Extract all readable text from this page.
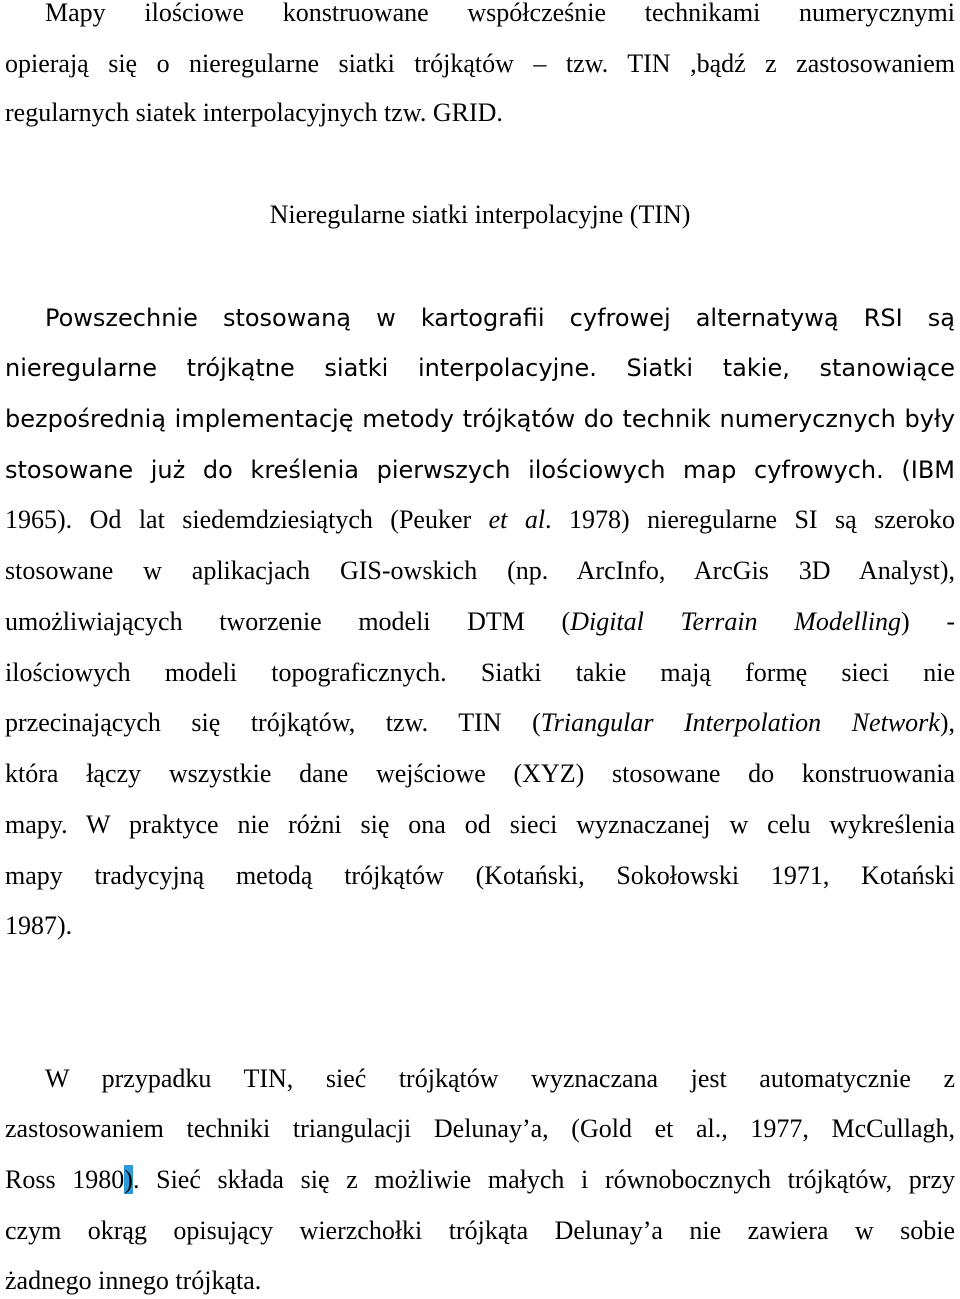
Mapy ilościowe konstruowane współcześnie technikami numerycznymi
opierają się o nieregularne siatki trójkątów – tzw. TIN ,bądź z zastosowaniem
regularnych siatek interpolacyjnych tzw. GRID.
Nieregularne siatki interpolacyjne (TIN)
Powszechnie stosowaną w kartografii cyfrowej alternatywą RSI są
nieregularne trójkątne siatki interpolacyjne. Siatki takie, stanowiące
bezpośrednią implementację metody trójkątów do technik numerycznych były
stosowane już do kreślenia pierwszych ilościowych map cyfrowych. (IBM
1965). Od lat siedemdziesiątych (Peuker et al. 1978) nieregularne SI są szeroko
stosowane w aplikacjach GIS-owskich (np. ArcInfo, ArcGis 3D Analyst),
umożliwiających tworzenie modeli DTM (Digital Terrain Modelling) -
ilościowych modeli topograficznych. Siatki takie mają formę sieci nie
przecinających się trójkątów, tzw. TIN (Triangular Interpolation Network),
która łączy wszystkie dane wejściowe (XYZ) stosowane do konstruowania
mapy. W praktyce nie różni się ona od sieci wyznaczanej w celu wykreślenia
mapy tradycyjną metodą trójkątów (Kotański, Sokołowski 1971, Kotański
1987).
W przypadku TIN, sieć trójkątów wyznaczana jest automatycznie z
zastosowaniem techniki triangulacji Delunay’a, (Gold et al., 1977, McCullagh,
Ross 1980). Sieć składa się z możliwie małych i równobocznych trójkątów, przy
czym okrąg opisujący wierzchołki trójkąta Delunay’a nie zawiera w sobie
żadnego innego trójkąta.
